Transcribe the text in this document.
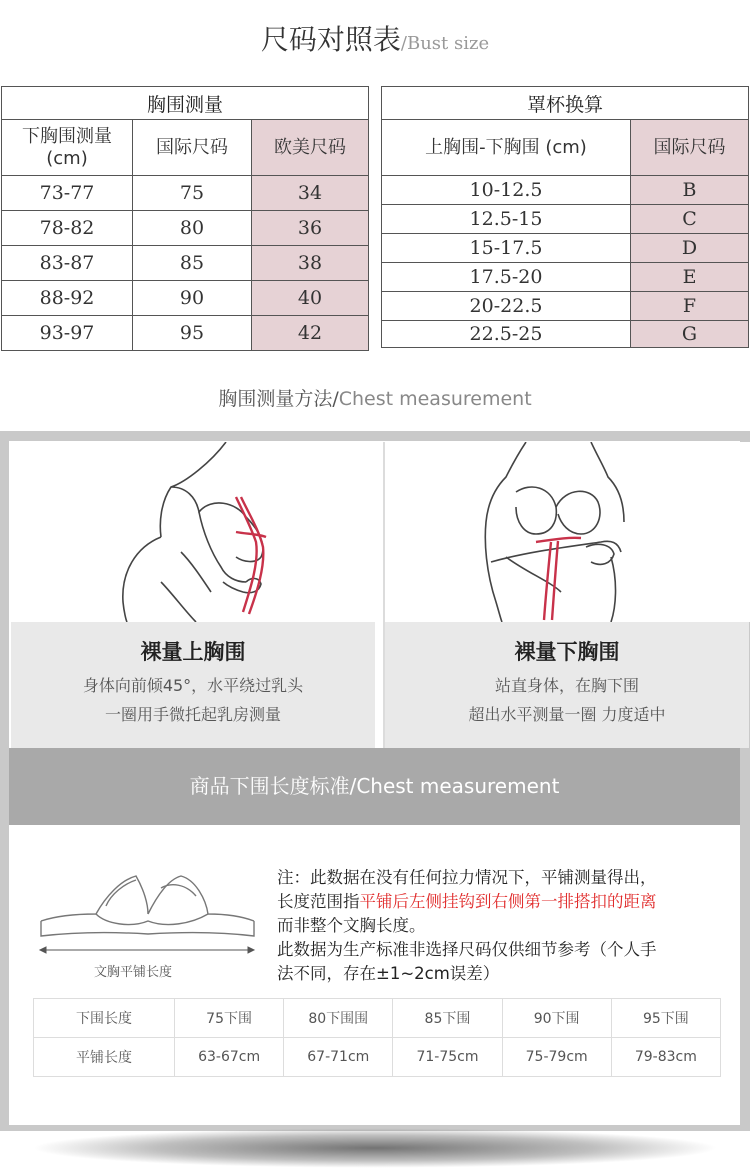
尺码对照表/Bust size
胸围测量		
下胸围测量
(cm)	国际尺码	欧美尺码
73-77	75	34
78-82	80	36
83-87	85	38
88-92	90	40
93-97	95	42
罩杯换算	
上胸围-下胸围 (cm)	国际尺码
10-12.5	B
12.5-15	C
15-17.5	D
17.5-20	E
20-22.5	F
22.5-25	G
胸围测量方法/Chest measurement
裸量上胸围
身体向前倾45°，水平绕过乳头
一圈用手微托起乳房测量
裸量下胸围
站直身体，在胸下围
超出水平测量一圈 力度适中
商品下围长度标准/Chest measurement
文胸平铺长度
注：此数据在没有任何拉力情况下，平铺测量得出，
长度范围指平铺后左侧挂钩到右侧第一排搭扣的距离
而非整个文胸长度。
此数据为生产标准非选择尺码仅供细节参考（个人手
法不同，存在±1~2cm误差）
下围长度	75下围	80下围围	85下围	90下围	95下围
平铺长度	63-67cm	67-71cm	71-75cm	75-79cm	79-83cm
